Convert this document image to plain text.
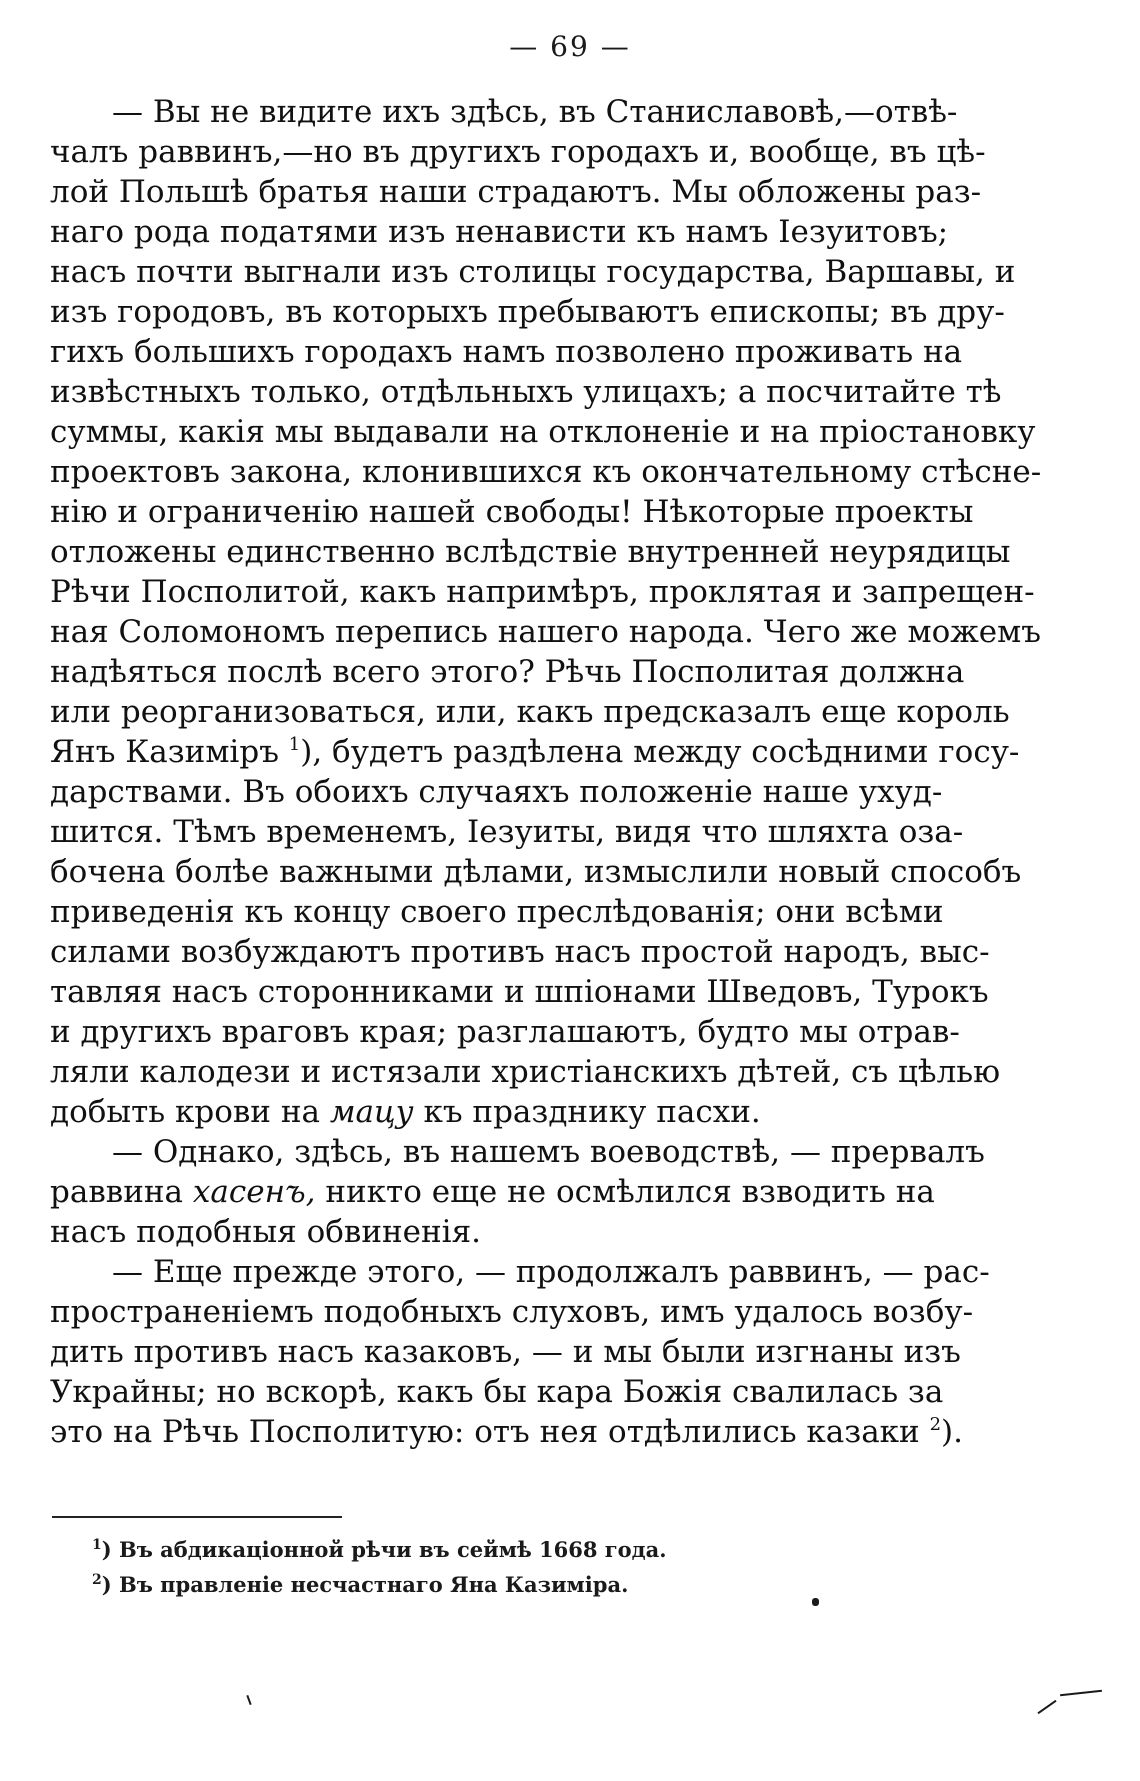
— 69 —
— Вы не видите ихъ здѣсь, въ Станиславовѣ,—отвѣ-
чалъ раввинъ,—но въ другихъ городахъ и, вообще, въ цѣ-
лой Польшѣ братья наши страдаютъ. Мы обложены раз-
наго рода податями изъ ненависти къ намъ Іезуитовъ;
насъ почти выгнали изъ столицы государства, Варшавы, и
изъ городовъ, въ которыхъ пребываютъ епископы; въ дру-
гихъ большихъ городахъ намъ позволено проживать на
извѣстныхъ только, отдѣльныхъ улицахъ; а посчитайте тѣ
суммы, какія мы выдавали на отклоненіе и на пріостановку
проектовъ закона, клонившихся къ окончательному стѣсне-
нію и ограниченію нашей свободы! Нѣкоторые проекты
отложены единственно вслѣдствіе внутренней неурядицы
Рѣчи Посполитой, какъ напримѣръ, проклятая и запрещен-
ная Соломономъ перепись нашего народа. Чего же можемъ
надѣяться послѣ всего этого? Рѣчь Посполитая должна
или реорганизоваться, или, какъ предсказалъ еще король
Янъ Казиміръ $^1$), будетъ раздѣлена между сосѣдними госу-
дарствами. Въ обоихъ случаяхъ положеніе наше ухуд-
шится. Тѣмъ временемъ, Іезуиты, видя что шляхта оза-
бочена болѣе важными дѣлами, измыслили новый способъ
приведенія къ концу своего преслѣдованія; они всѣми
силами возбуждаютъ противъ насъ простой народъ, выс-
тавляя насъ сторонниками и шпіонами Шведовъ, Турокъ
и другихъ враговъ края; разглашаютъ, будто мы отрав-
ляли калодези и истязали христіанскихъ дѣтей, съ цѣлью
добыть крови на мацу къ празднику пасхи.
— Однако, здѣсь, въ нашемъ воеводствѣ, — прервалъ
раввина хасенъ, никто еще не осмѣлился взводить на
насъ подобныя обвиненія.
— Еще прежде этого, — продолжалъ раввинъ, — рас-
пространеніемъ подобныхъ слуховъ, имъ удалось возбу-
дить противъ насъ казаковъ, — и мы были изгнаны изъ
Украйны; но вскорѣ, какъ бы кара Божія свалилась за
это на Рѣчь Посполитую: отъ нея отдѣлились казаки $^2$).

$^1$) Въ абдикаціонной рѣчи въ сеймѣ 1668 года.

$^2$) Въ правленіе несчастнаго Яна Казиміра.
